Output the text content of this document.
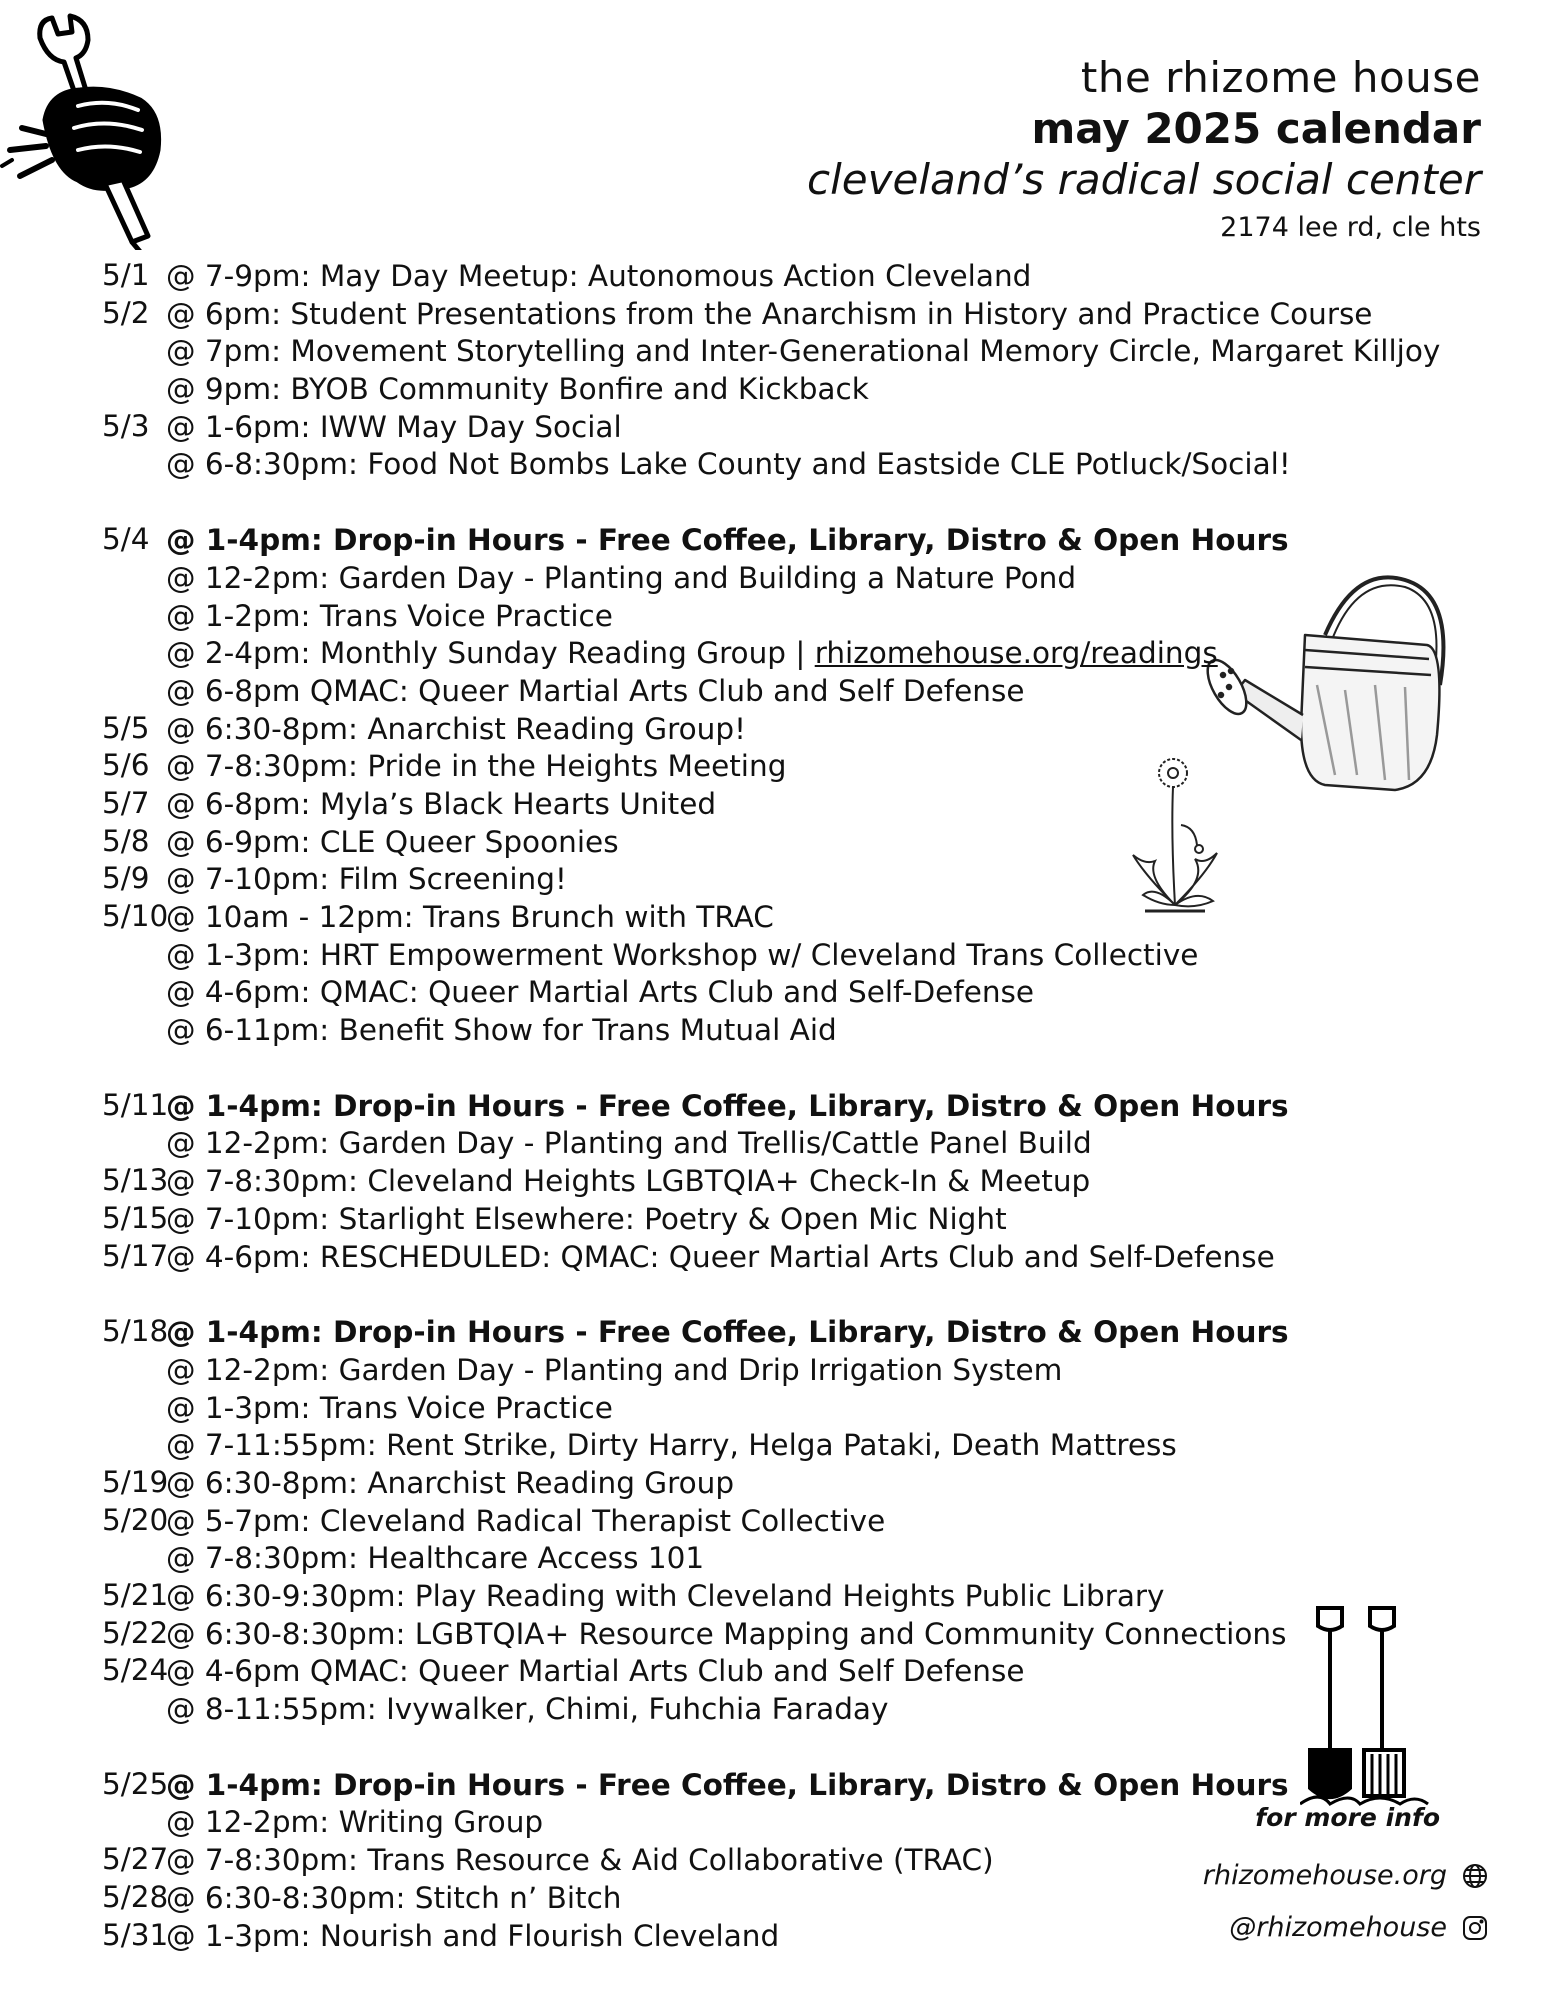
the rhizome house
may 2025 calendar
cleveland’s radical social center
2174 lee rd, cle hts
5/1 @ 7-9pm: May Day Meetup: Autonomous Action Cleveland
5/2 @ 6pm: Student Presentations from the Anarchism in History and Practice Course
@ 7pm: Movement Storytelling and Inter-Generational Memory Circle, Margaret Killjoy
@ 9pm: BYOB Community Bonfire and Kickback
5/3 @ 1-6pm: IWW May Day Social
@ 6-8:30pm: Food Not Bombs Lake County and Eastside CLE Potluck/Social!
5/4 @ 1-4pm: Drop-in Hours - Free Coffee, Library, Distro & Open Hours
@ 12-2pm: Garden Day - Planting and Building a Nature Pond
@ 1-2pm: Trans Voice Practice
@ 2-4pm: Monthly Sunday Reading Group | rhizomehouse.org/readings
@ 6-8pm QMAC: Queer Martial Arts Club and Self Defense
5/5 @ 6:30-8pm: Anarchist Reading Group!
5/6 @ 7-8:30pm: Pride in the Heights Meeting
5/7 @ 6-8pm: Myla’s Black Hearts United
5/8 @ 6-9pm: CLE Queer Spoonies
5/9 @ 7-10pm: Film Screening!
5/10
@ 10am - 12pm: Trans Brunch with TRAC
@ 1-3pm: HRT Empowerment Workshop w/ Cleveland Trans Collective
@ 4-6pm: QMAC: Queer Martial Arts Club and Self-Defense
@ 6-11pm: Benefit Show for Trans Mutual Aid
5/11
@ 1-4pm: Drop-in Hours - Free Coffee, Library, Distro & Open Hours
@ 12-2pm: Garden Day - Planting and Trellis/Cattle Panel Build
5/13
@ 7-8:30pm: Cleveland Heights LGBTQIA+ Check-In & Meetup
5/15
@ 7-10pm: Starlight Elsewhere: Poetry & Open Mic Night
5/17
@ 4-6pm: RESCHEDULED: QMAC: Queer Martial Arts Club and Self-Defense
5/18
@ 1-4pm: Drop-in Hours - Free Coffee, Library, Distro & Open Hours
@ 12-2pm: Garden Day - Planting and Drip Irrigation System
@ 1-3pm: Trans Voice Practice
@ 7-11:55pm: Rent Strike, Dirty Harry, Helga Pataki, Death Mattress
5/19
@ 6:30-8pm: Anarchist Reading Group
5/20
@ 5-7pm: Cleveland Radical Therapist Collective
@ 7-8:30pm: Healthcare Access 101
5/21
@ 6:30-9:30pm: Play Reading with Cleveland Heights Public Library
5/22
@ 6:30-8:30pm: LGBTQIA+ Resource Mapping and Community Connections
5/24
@ 4-6pm QMAC: Queer Martial Arts Club and Self Defense
@ 8-11:55pm: Ivywalker, Chimi, Fuhchia Faraday
5/25
@ 1-4pm: Drop-in Hours - Free Coffee, Library, Distro & Open Hours
@ 12-2pm: Writing Group
5/27
@ 7-8:30pm: Trans Resource & Aid Collaborative (TRAC)
5/28
@ 6:30-8:30pm: Stitch n’ Bitch
5/31
@ 1-3pm: Nourish and Flourish Cleveland
for more info
rhizomehouse.org
@rhizomehouse
